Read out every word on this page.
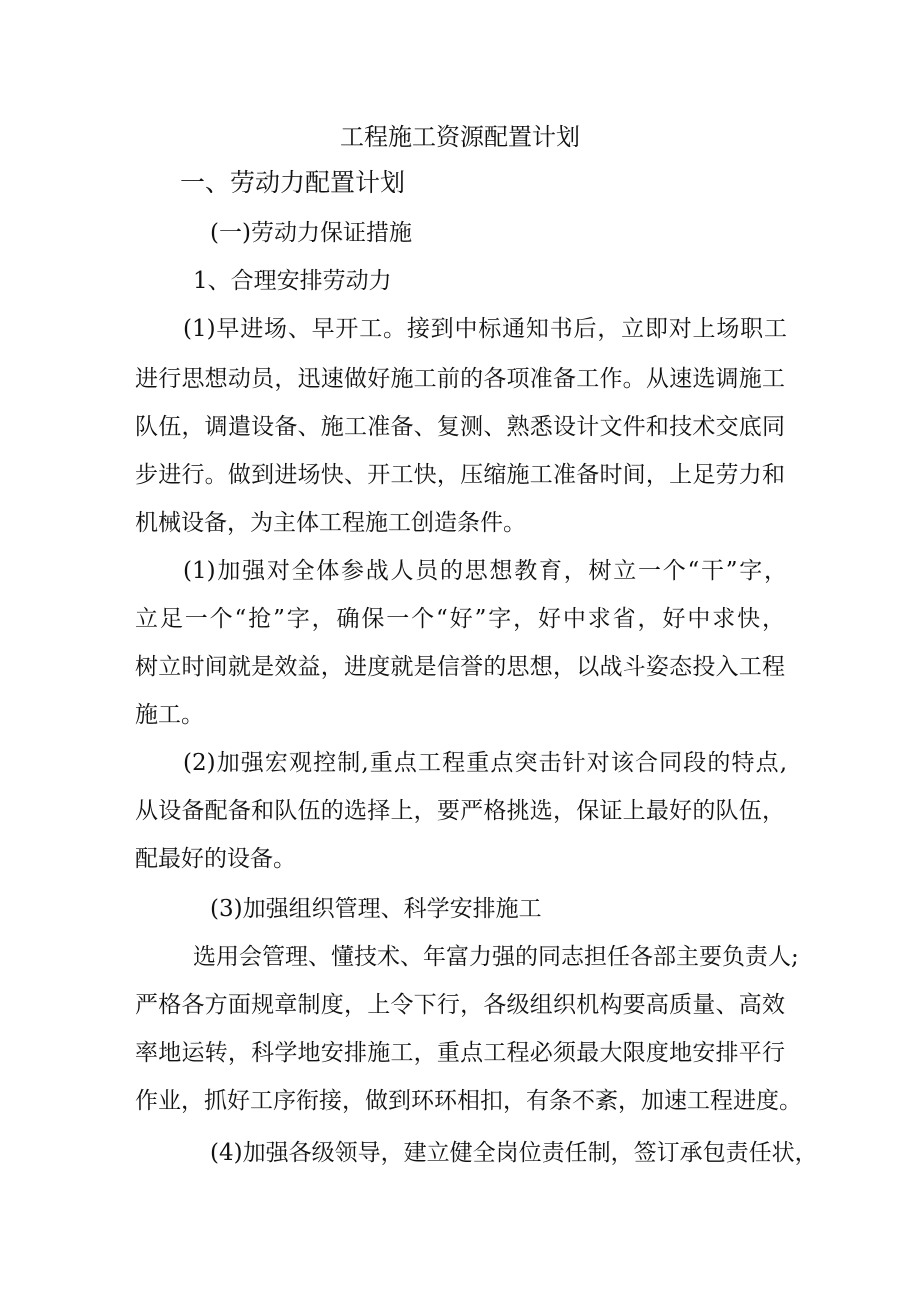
工程施工资源配置计划
一、劳动力配置计划
(一)劳动力保证措施
1、合理安排劳动力
(1)早进场、早开工。接到中标通知书后，立即对上场职工
进行思想动员，迅速做好施工前的各项准备工作。从速选调施工
队伍，调遣设备、施工准备、复测、熟悉设计文件和技术交底同
步进行。做到进场快、开工快，压缩施工准备时间，上足劳力和
机械设备，为主体工程施工创造条件。
(1)加强对全体参战人员的思想教育，树立一个“干”字，
立足一个“抢”字，确保一个“好”字，好中求省，好中求快，
树立时间就是效益，进度就是信誉的思想，以战斗姿态投入工程
施工。
(2)加强宏观控制,重点工程重点突击针对该合同段的特点,
从设备配备和队伍的选择上，要严格挑选，保证上最好的队伍，
配最好的设备。
(3)加强组织管理、科学安排施工
选用会管理、懂技术、年富力强的同志担任各部主要负责人;
严格各方面规章制度，上令下行，各级组织机构要高质量、高效
率地运转，科学地安排施工，重点工程必须最大限度地安排平行
作业，抓好工序衔接，做到环环相扣，有条不紊，加速工程进度。
(4)加强各级领导，建立健全岗位责任制，签订承包责任状，
